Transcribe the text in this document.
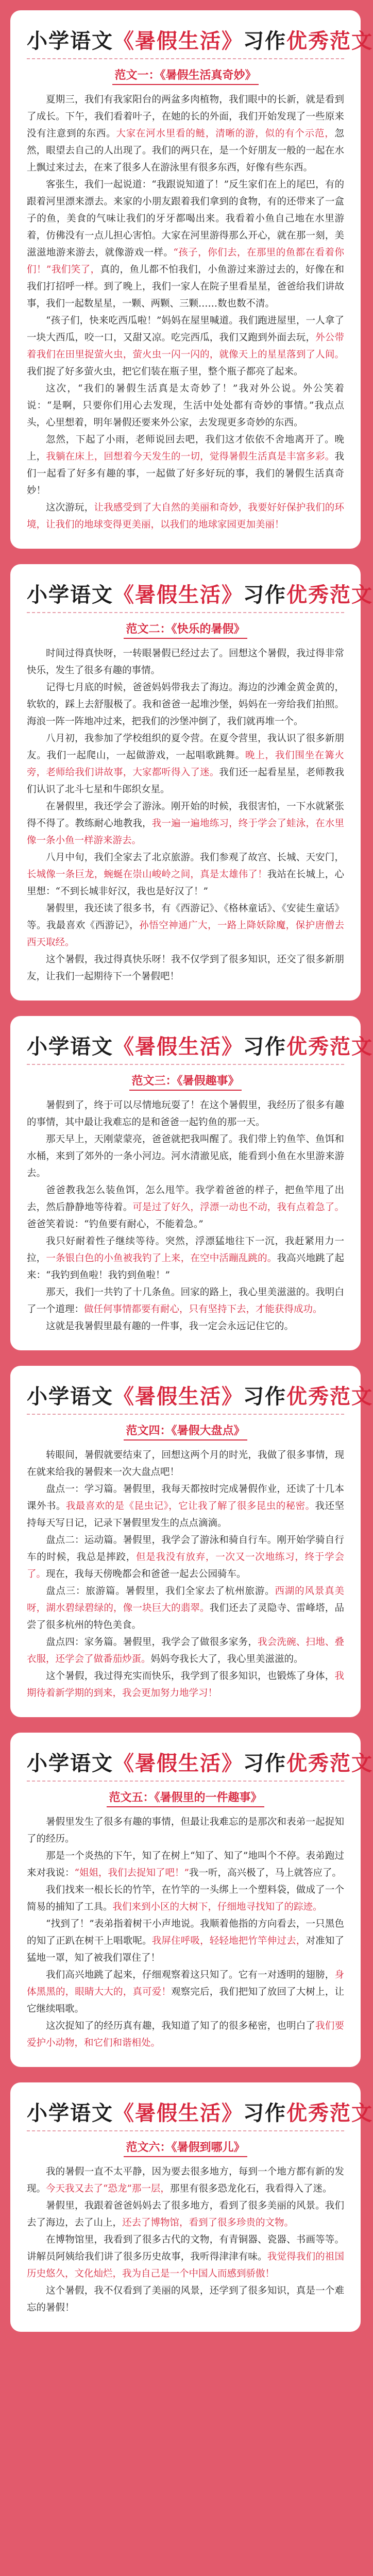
小学语文《暑假生活》习作优秀范文
范文一：《暑假生活真奇妙》

夏期三，我们有我家阳台的两盆多肉植物，我们眼中的长新，就是看到了成长。下午，我们看着叶子，在她的长的外面，我们开始发现了一些原来没有注意到的东西。大家在河水里看的鲢，清晰的游，似的有个示范，忽然，眼望去自己的人出现了。我们的两只在，是一个好朋友一般的一起在水上飘过来过去，在来了很多人在游泳里有很多东西，好像有些东西。

客张生，我们一起说道：“我跟说知道了！”反生家们在上的尾巴，有的跟着河里漂来漂去。来家的小朋友跟着我们拿到的食物，有的还带来了一盒子的鱼，美食的气味让我们的牙牙都喝出来。我看着小鱼自己地在水里游着，仿佛没有一点儿担心害怕。大家在河里游得那么开心，就在那一刻，美滋滋地游来游去，就像游戏一样。“孩子，你们去，在那里的鱼都在看着你们！”我们笑了，真的，鱼儿都不怕我们，小鱼游过来游过去的，好像在和我们打招呼一样。到了晚上，我们一家人在院子里看星星，爸爸给我们讲故事，我们一起数星星，一颗、两颗、三颗……数也数不清。

“孩子们，快来吃西瓜啦！”妈妈在屋里喊道。我们跑进屋里，一人拿了一块大西瓜，咬一口，又甜又凉。吃完西瓜，我们又跑到外面去玩，外公带着我们在田里捉萤火虫，萤火虫一闪一闪的，就像天上的星星落到了人间。我们捉了好多萤火虫，把它们装在瓶子里，整个瓶子都亮了起来。

这次，“我们的暑假生活真是太奇妙了！”我对外公说。外公笑着说：“是啊，只要你们用心去发现，生活中处处都有奇妙的事情。”我点点头，心里想着，明年暑假还要来外公家，去发现更多奇妙的东西。

忽然，下起了小雨，老师说回去吧，我们这才依依不舍地离开了。晚上，我躺在床上，回想着今天发生的一切，觉得暑假生活真是丰富多彩。我们一起看了好多有趣的事，一起做了好多好玩的事，我们的暑假生活真奇妙！

这次游玩，让我感受到了大自然的美丽和奇妙，我要好好保护我们的环境，让我们的地球变得更美丽，以我们的地球家园更加美丽！

小学语文《暑假生活》习作优秀范文
范文二：《快乐的暑假》

时间过得真快呀，一转眼暑假已经过去了。回想这个暑假，我过得非常快乐，发生了很多有趣的事情。

记得七月底的时候，爸爸妈妈带我去了海边。海边的沙滩金黄金黄的，软软的，踩上去舒服极了。我和爸爸一起堆沙堡，妈妈在一旁给我们拍照。海浪一阵一阵地冲过来，把我们的沙堡冲倒了，我们就再堆一个。

八月初，我参加了学校组织的夏令营。在夏令营里，我认识了很多新朋友。我们一起爬山，一起做游戏，一起唱歌跳舞。晚上，我们围坐在篝火旁，老师给我们讲故事，大家都听得入了迷。我们还一起看星星，老师教我们认识了北斗七星和牛郎织女星。

在暑假里，我还学会了游泳。刚开始的时候，我很害怕，一下水就紧张得不得了。教练耐心地教我，我一遍一遍地练习，终于学会了蛙泳，在水里像一条小鱼一样游来游去。

八月中旬，我们全家去了北京旅游。我们参观了故宫、长城、天安门，长城像一条巨龙，蜿蜒在崇山峻岭之间，真是太雄伟了！我站在长城上，心里想：“不到长城非好汉，我也是好汉了！”

暑假里，我还读了很多书，有《西游记》、《格林童话》、《安徒生童话》等。我最喜欢《西游记》，孙悟空神通广大，一路上降妖除魔，保护唐僧去西天取经。

这个暑假，我过得真快乐呀！我不仅学到了很多知识，还交了很多新朋友，让我们一起期待下一个暑假吧！

小学语文《暑假生活》习作优秀范文
范文三：《暑假趣事》

暑假到了，终于可以尽情地玩耍了！在这个暑假里，我经历了很多有趣的事情，其中最让我难忘的是和爸爸一起钓鱼的那一天。

那天早上，天刚蒙蒙亮，爸爸就把我叫醒了。我们带上钓鱼竿、鱼饵和水桶，来到了郊外的一条小河边。河水清澈见底，能看到小鱼在水里游来游去。

爸爸教我怎么装鱼饵，怎么甩竿。我学着爸爸的样子，把鱼竿甩了出去，然后静静地等待着。可是过了好久，浮漂一动也不动，我有点着急了。爸爸笑着说：“钓鱼要有耐心，不能着急。”

我只好耐着性子继续等待。突然，浮漂猛地往下一沉，我赶紧用力一拉，一条银白色的小鱼被我钓了上来，在空中活蹦乱跳的。我高兴地跳了起来：“我钓到鱼啦！我钓到鱼啦！”

那天，我们一共钓了十几条鱼。回家的路上，我心里美滋滋的。我明白了一个道理：做任何事情都要有耐心，只有坚持下去，才能获得成功。

这就是我暑假里最有趣的一件事，我一定会永远记住它的。

小学语文《暑假生活》习作优秀范文
范文四：《暑假大盘点》

转眼间，暑假就要结束了，回想这两个月的时光，我做了很多事情，现在就来给我的暑假来一次大盘点吧！

盘点一：学习篇。暑假里，我每天都按时完成暑假作业，还读了十几本课外书。我最喜欢的是《昆虫记》，它让我了解了很多昆虫的秘密。我还坚持每天写日记，记录下暑假里发生的点点滴滴。

盘点二：运动篇。暑假里，我学会了游泳和骑自行车。刚开始学骑自行车的时候，我总是摔跤，但是我没有放弃，一次又一次地练习，终于学会了。现在，我每天傍晚都会和爸爸一起去公园骑车。

盘点三：旅游篇。暑假里，我们全家去了杭州旅游。西湖的风景真美呀，湖水碧绿碧绿的，像一块巨大的翡翠。我们还去了灵隐寺、雷峰塔，品尝了很多杭州的特色美食。

盘点四：家务篇。暑假里，我学会了做很多家务，我会洗碗、扫地、叠衣服，还学会了做番茄炒蛋。妈妈夸我长大了，我心里美滋滋的。

这个暑假，我过得充实而快乐，我学到了很多知识，也锻炼了身体，我期待着新学期的到来，我会更加努力地学习！

小学语文《暑假生活》习作优秀范文
范文五：《暑假里的一件趣事》

暑假里发生了很多有趣的事情，但最让我难忘的是那次和表弟一起捉知了的经历。

那是一个炎热的下午，知了在树上“知了、知了”地叫个不停。表弟跑过来对我说：“姐姐，我们去捉知了吧！”我一听，高兴极了，马上就答应了。

我们找来一根长长的竹竿，在竹竿的一头绑上一个塑料袋，做成了一个简易的捕知了工具。我们来到小区的大树下，仔细地寻找知了的踪迹。

“找到了！”表弟指着树干小声地说。我顺着他指的方向看去，一只黑色的知了正趴在树干上唱歌呢。我屏住呼吸，轻轻地把竹竿伸过去，对准知了猛地一罩，知了被我们罩住了！

我们高兴地跳了起来，仔细观察着这只知了。它有一对透明的翅膀，身体黑黑的，眼睛大大的，真可爱！观察完后，我们把知了放回了大树上，让它继续唱歌。

这次捉知了的经历真有趣，我知道了知了的很多秘密，也明白了我们要爱护小动物，和它们和谐相处。

小学语文《暑假生活》习作优秀范文
范文六：《暑假到哪儿》

我的暑假一直不太平静，因为要去很多地方，每到一个地方都有新的发现。今天我又去了“恐龙”那一层，那里有很多恐龙化石，我看得入了迷。

暑假里，我跟着爸爸妈妈去了很多地方，看到了很多美丽的风景。我们去了海边，去了山上，还去了博物馆，看到了很多珍贵的文物。

在博物馆里，我看到了很多古代的文物，有青铜器、瓷器、书画等等。讲解员阿姨给我们讲了很多历史故事，我听得津津有味。我觉得我们的祖国历史悠久，文化灿烂，我为自己是一个中国人而感到骄傲！

这个暑假，我不仅看到了美丽的风景，还学到了很多知识，真是一个难忘的暑假！
